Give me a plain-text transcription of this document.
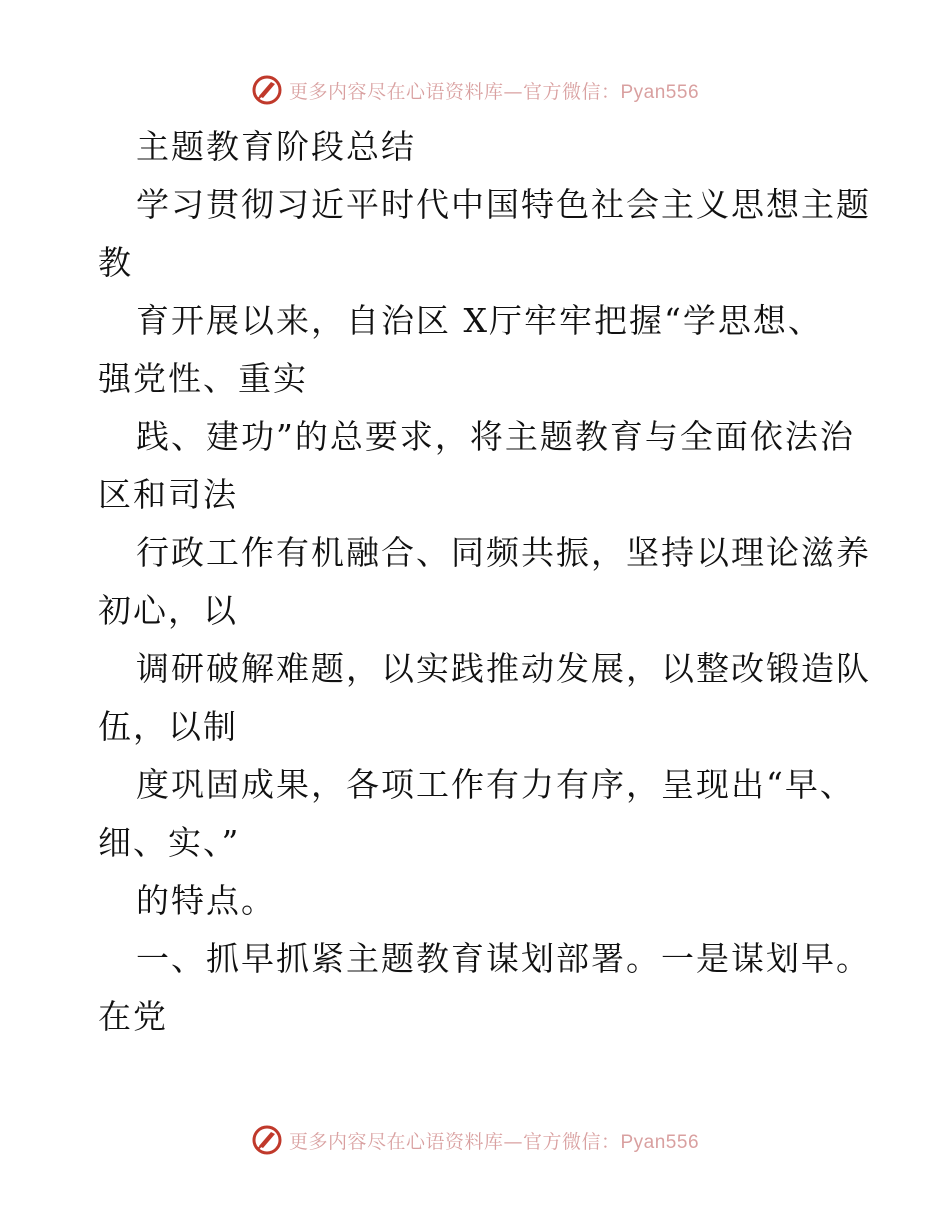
更多内容尽在心语资料库—官方微信：Pyan556
主题教育阶段总结
学习贯彻习近平时代中国特色社会主义思想主题
教
育开展以来，自治区 X厅牢牢把握“学思想、
强党性、重实
践、建功”的总要求，将主题教育与全面依法治
区和司法
行政工作有机融合、同频共振，坚持以理论滋养
初心，以
调研破解难题，以实践推动发展，以整改锻造队
伍，以制
度巩固成果，各项工作有力有序，呈现出“早、
细、实、”
的特点。
一、抓早抓紧主题教育谋划部署。一是谋划早。
在党
更多内容尽在心语资料库—官方微信：Pyan556
